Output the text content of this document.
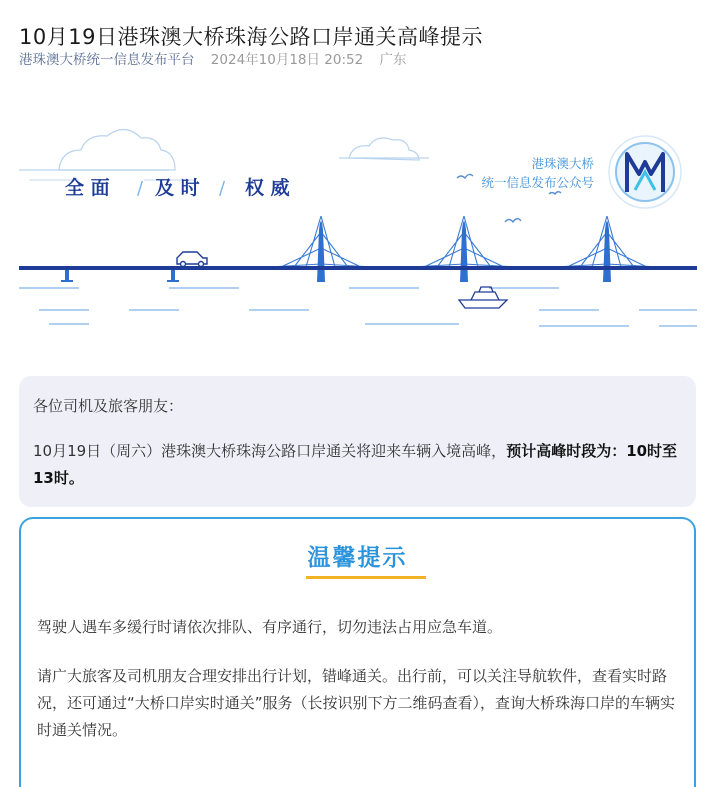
10月19日港珠澳大桥珠海公路口岸通关高峰提示
港珠澳大桥统一信息发布平台 2024年10月18日 20:52 广东
全 面 / 及 时 / 权 威
港珠澳大桥
统一信息发布公众号
各位司机及旅客朋友：
10月19日（周六）港珠澳大桥珠海公路口岸通关将迎来车辆入境高峰，预计高峰时段为：10时至13时。
温馨提示
驾驶人遇车多缓行时请依次排队、有序通行，切勿违法占用应急车道。
请广大旅客及司机朋友合理安排出行计划，错峰通关。出行前，可以关注导航软件，查看实时路况，还可通过“大桥口岸实时通关”服务（长按识别下方二维码查看），查询大桥珠海口岸的车辆实时通关情况。
